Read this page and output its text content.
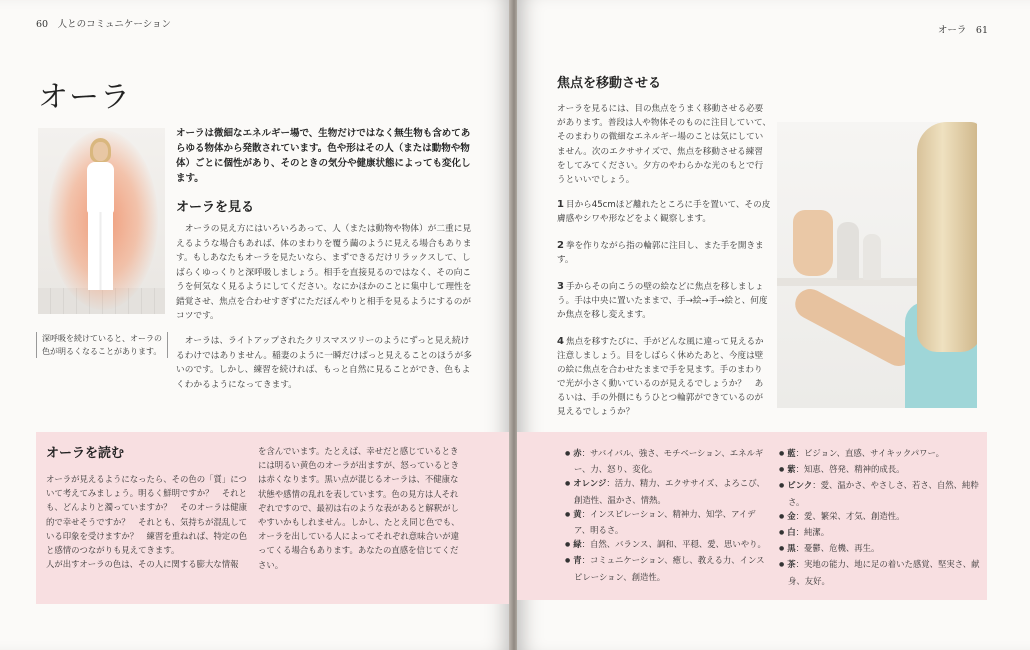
60　人とのコミュニケーション
オーラ
深呼吸を続けていると、オーラの色が明るくなることがあります。
オーラは微細なエネルギー場で、生物だけではなく無生物も含めてあらゆる物体から発散されています。色や形はその人（または動物や物体）ごとに個性があり、そのときの気分や健康状態によっても変化します。
オーラを見る
オーラの見え方にはいろいろあって、人（または動物や物体）が二重に見えるような場合もあれば、体のまわりを覆う繭のように見える場合もあります。もしあなたもオーラを見たいなら、まずできるだけリラックスして、しばらくゆっくりと深呼吸しましょう。相手を直接見るのではなく、その向こうを何気なく見るようにしてください。なにかほかのことに集中して理性を錯覚させ、焦点を合わせすぎずにただぼんやりと相手を見るようにするのがコツです。
オーラは、ライトアップされたクリスマスツリーのようにずっと見え続けるわけではありません。稲妻のように一瞬だけぱっと見えることのほうが多いのです。しかし、練習を続ければ、もっと自然に見ることができ、色もよくわかるようになってきます。
オーラを読む
オーラが見えるようになったら、その色の「質」について考えてみましょう。明るく鮮明ですか？　それとも、どんよりと濁っていますか？　そのオーラは健康的で幸せそうですか？　それとも、気持ちが混乱している印象を受けますか？　練習を重ねれば、特定の色と感情のつながりも見えてきます。
人が出すオーラの色は、その人に関する膨大な情報
を含んでいます。たとえば、幸せだと感じているときには明るい黄色のオーラが出ますが、怒っているときは赤くなります。黒い点が混じるオーラは、不健康な状態や感情の乱れを表しています。色の見方は人それぞれですので、最初は右のような表があると解釈がしやすいかもしれません。しかし、たとえ同じ色でも、オーラを出している人によってそれぞれ意味合いが違ってくる場合もあります。あなたの直感を信じてください。
オーラ　61
焦点を移動させる
オーラを見るには、目の焦点をうまく移動させる必要があります。普段は人や物体そのものに注目していて、そのまわりの微細なエネルギー場のことは気にしていません。次のエクササイズで、焦点を移動させる練習をしてみてください。夕方のやわらかな光のもとで行うといいでしょう。
1 目から45cmほど離れたところに手を置いて、その皮膚感やシワや形などをよく観察します。
2 拳を作りながら指の輪郭に注目し、また手を開きます。
3 手からその向こうの壁の絵などに焦点を移しましょう。手は中央に置いたままで、手→絵→手→絵と、何度か焦点を移し変えます。
4 焦点を移すたびに、手がどんな風に違って見えるか注意しましょう。目をしばらく休めたあと、今度は壁の絵に焦点を合わせたままで手を見ます。手のまわりで光が小さく動いているのが見えるでしょうか？　あるいは、手の外側にもうひとつ輪郭ができているのが見えるでしょうか？
● 赤：サバイバル、強さ、モチベーション、エネルギー、力、怒り、変化。
● オレンジ：活力、精力、エクササイズ、よろこび、創造性、温かさ、情熱。
● 黄：インスピレーション、精神力、知学、アイデア、明るさ。
● 緑：自然、バランス、調和、平穏、愛、思いやり。
● 青：コミュニケーション、癒し、教える力、インスピレーション、創造性。
● 藍：ビジョン、直感、サイキックパワー。
● 紫：知恵、啓発、精神的成長。
● ピンク：愛、温かさ、やさしさ、若さ、自然、純粋さ。
● 金：愛、繁栄、才気、創造性。
● 白：純潔。
● 黒：憂鬱、危機、再生。
● 茶：実地の能力、地に足の着いた感覚、堅実さ、献身、友好。
